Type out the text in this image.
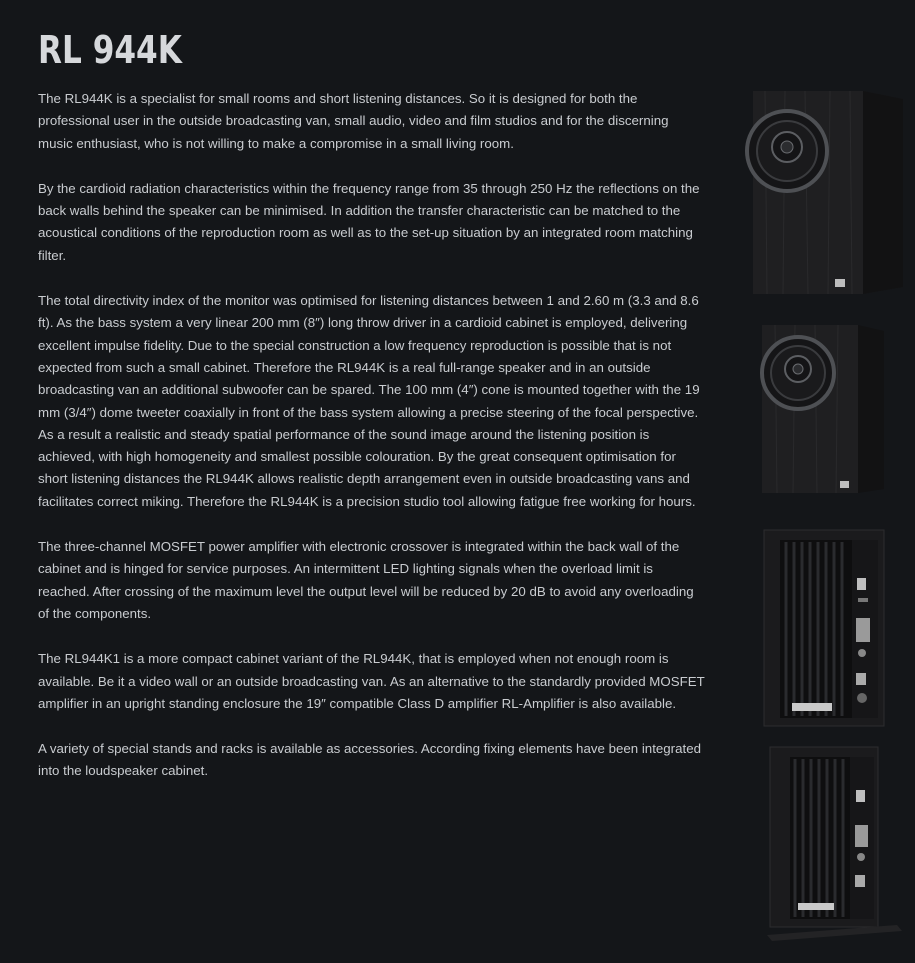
RL 944K

The RL944K is a specialist for small rooms and short listening distances. So it is designed for both the professional user in the outside broadcasting van, small audio, video and film studios and for the discerning music enthusiast, who is not willing to make a compromise in a small living room.

By the cardioid radiation characteristics within the frequency range from 35 through 250 Hz the reflections on the back walls behind the speaker can be minimised. In addition the transfer characteristic can be matched to the acoustical conditions of the reproduction room as well as to the set-up situation by an integrated room matching filter.

The total directivity index of the monitor was optimised for listening distances between 1 and 2.60 m (3.3 and 8.6 ft). As the bass system a very linear 200 mm (8″) long throw driver in a cardioid cabinet is employed, delivering excellent impulse fidelity. Due to the special construction a low frequency reproduction is possible that is not expected from such a small cabinet. Therefore the RL944K is a real full-range speaker and in an outside broadcasting van an additional subwoofer can be spared. The 100 mm (4″) cone is mounted together with the 19 mm (3/4″) dome tweeter coaxially in front of the bass system allowing a precise steering of the focal perspective. As a result a realistic and steady spatial performance of the sound image around the listening position is achieved, with high homogeneity and smallest possible colouration. By the great consequent optimisation for short listening distances the RL944K allows realistic depth arrangement even in outside broadcasting vans and facilitates correct miking. Therefore the RL944K is a precision studio tool allowing fatigue free working for hours.

The three-channel MOSFET power amplifier with electronic crossover is integrated within the back wall of the cabinet and is hinged for service purposes. An intermittent LED lighting signals when the overload limit is reached. After crossing of the maximum level the output level will be reduced by 20 dB to avoid any overloading of the components.

The RL944K1 is a more compact cabinet variant of the RL944K, that is employed when not enough room is available. Be it a video wall or an outside broadcasting van. As an alternative to the standardly provided MOSFET amplifier in an upright standing enclosure the 19″ compatible Class D amplifier RL-Amplifier is also available.

A variety of special stands and racks is available as accessories. According fixing elements have been integrated into the loudspeaker cabinet.
